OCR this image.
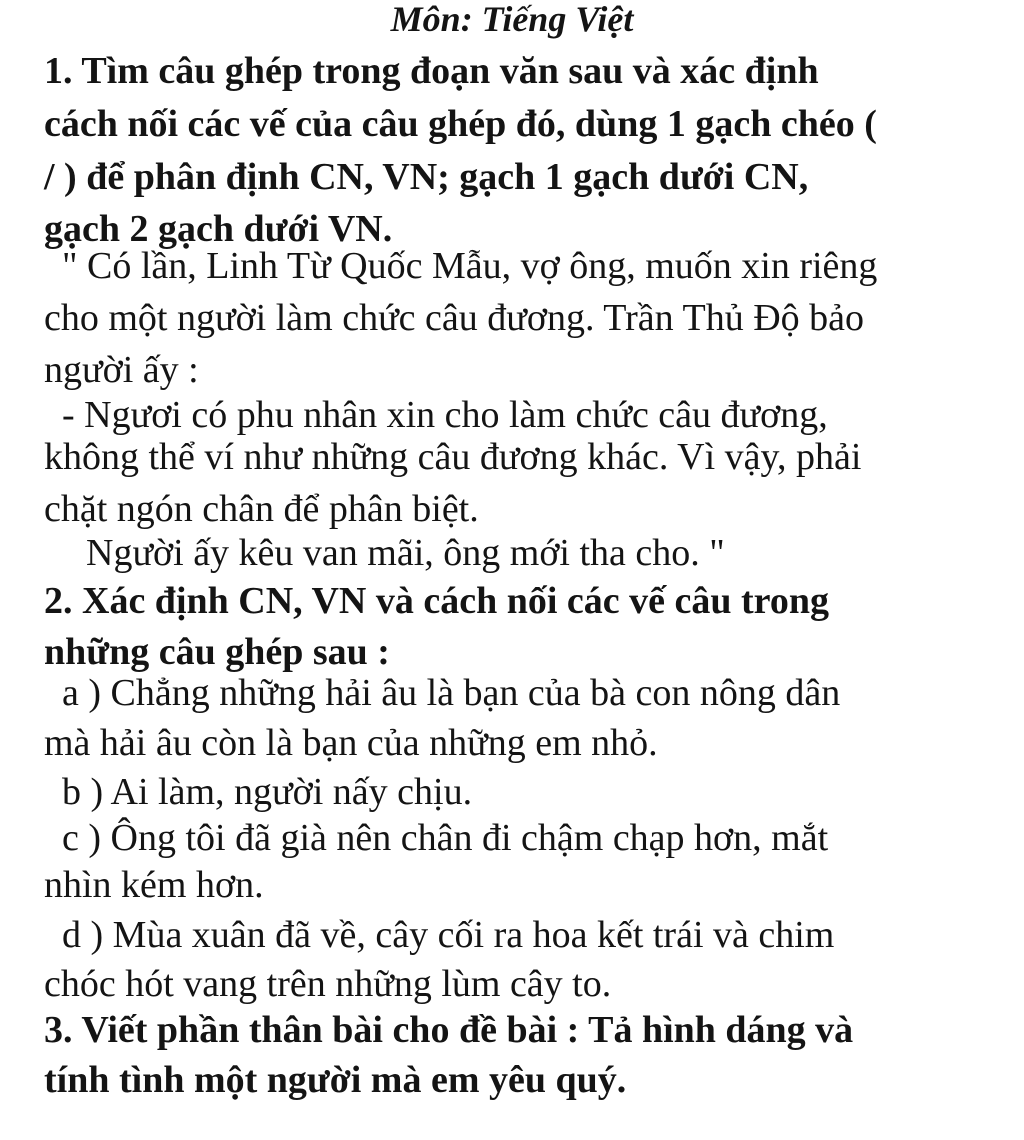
Môn: Tiếng Việt
1. Tìm câu ghép trong đoạn văn sau và xác định
cách nối các vế của câu ghép đó, dùng 1 gạch chéo (
/ ) để phân định CN, VN; gạch 1 gạch dưới CN,
gạch 2 gạch dưới VN.
" Có lần, Linh Từ Quốc Mẫu, vợ ông, muốn xin riêng
cho một người làm chức câu đương. Trần Thủ Độ bảo
người ấy :
- Ngươi có phu nhân xin cho làm chức câu đương,
không thể ví như những câu đương khác. Vì vậy, phải
chặt ngón chân để phân biệt.
Người ấy kêu van mãi, ông mới tha cho. "
2. Xác định CN, VN và cách nối các vế câu trong
những câu ghép sau :
a ) Chẳng những hải âu là bạn của bà con nông dân
mà hải âu còn là bạn của những em nhỏ.
b ) Ai làm, người nấy chịu.
c ) Ông tôi đã già nên chân đi chậm chạp hơn, mắt
nhìn kém hơn.
d ) Mùa xuân đã về, cây cối ra hoa kết trái và chim
chóc hót vang trên những lùm cây to.
3. Viết phần thân bài cho đề bài : Tả hình dáng và
tính tình một người mà em yêu quý.
